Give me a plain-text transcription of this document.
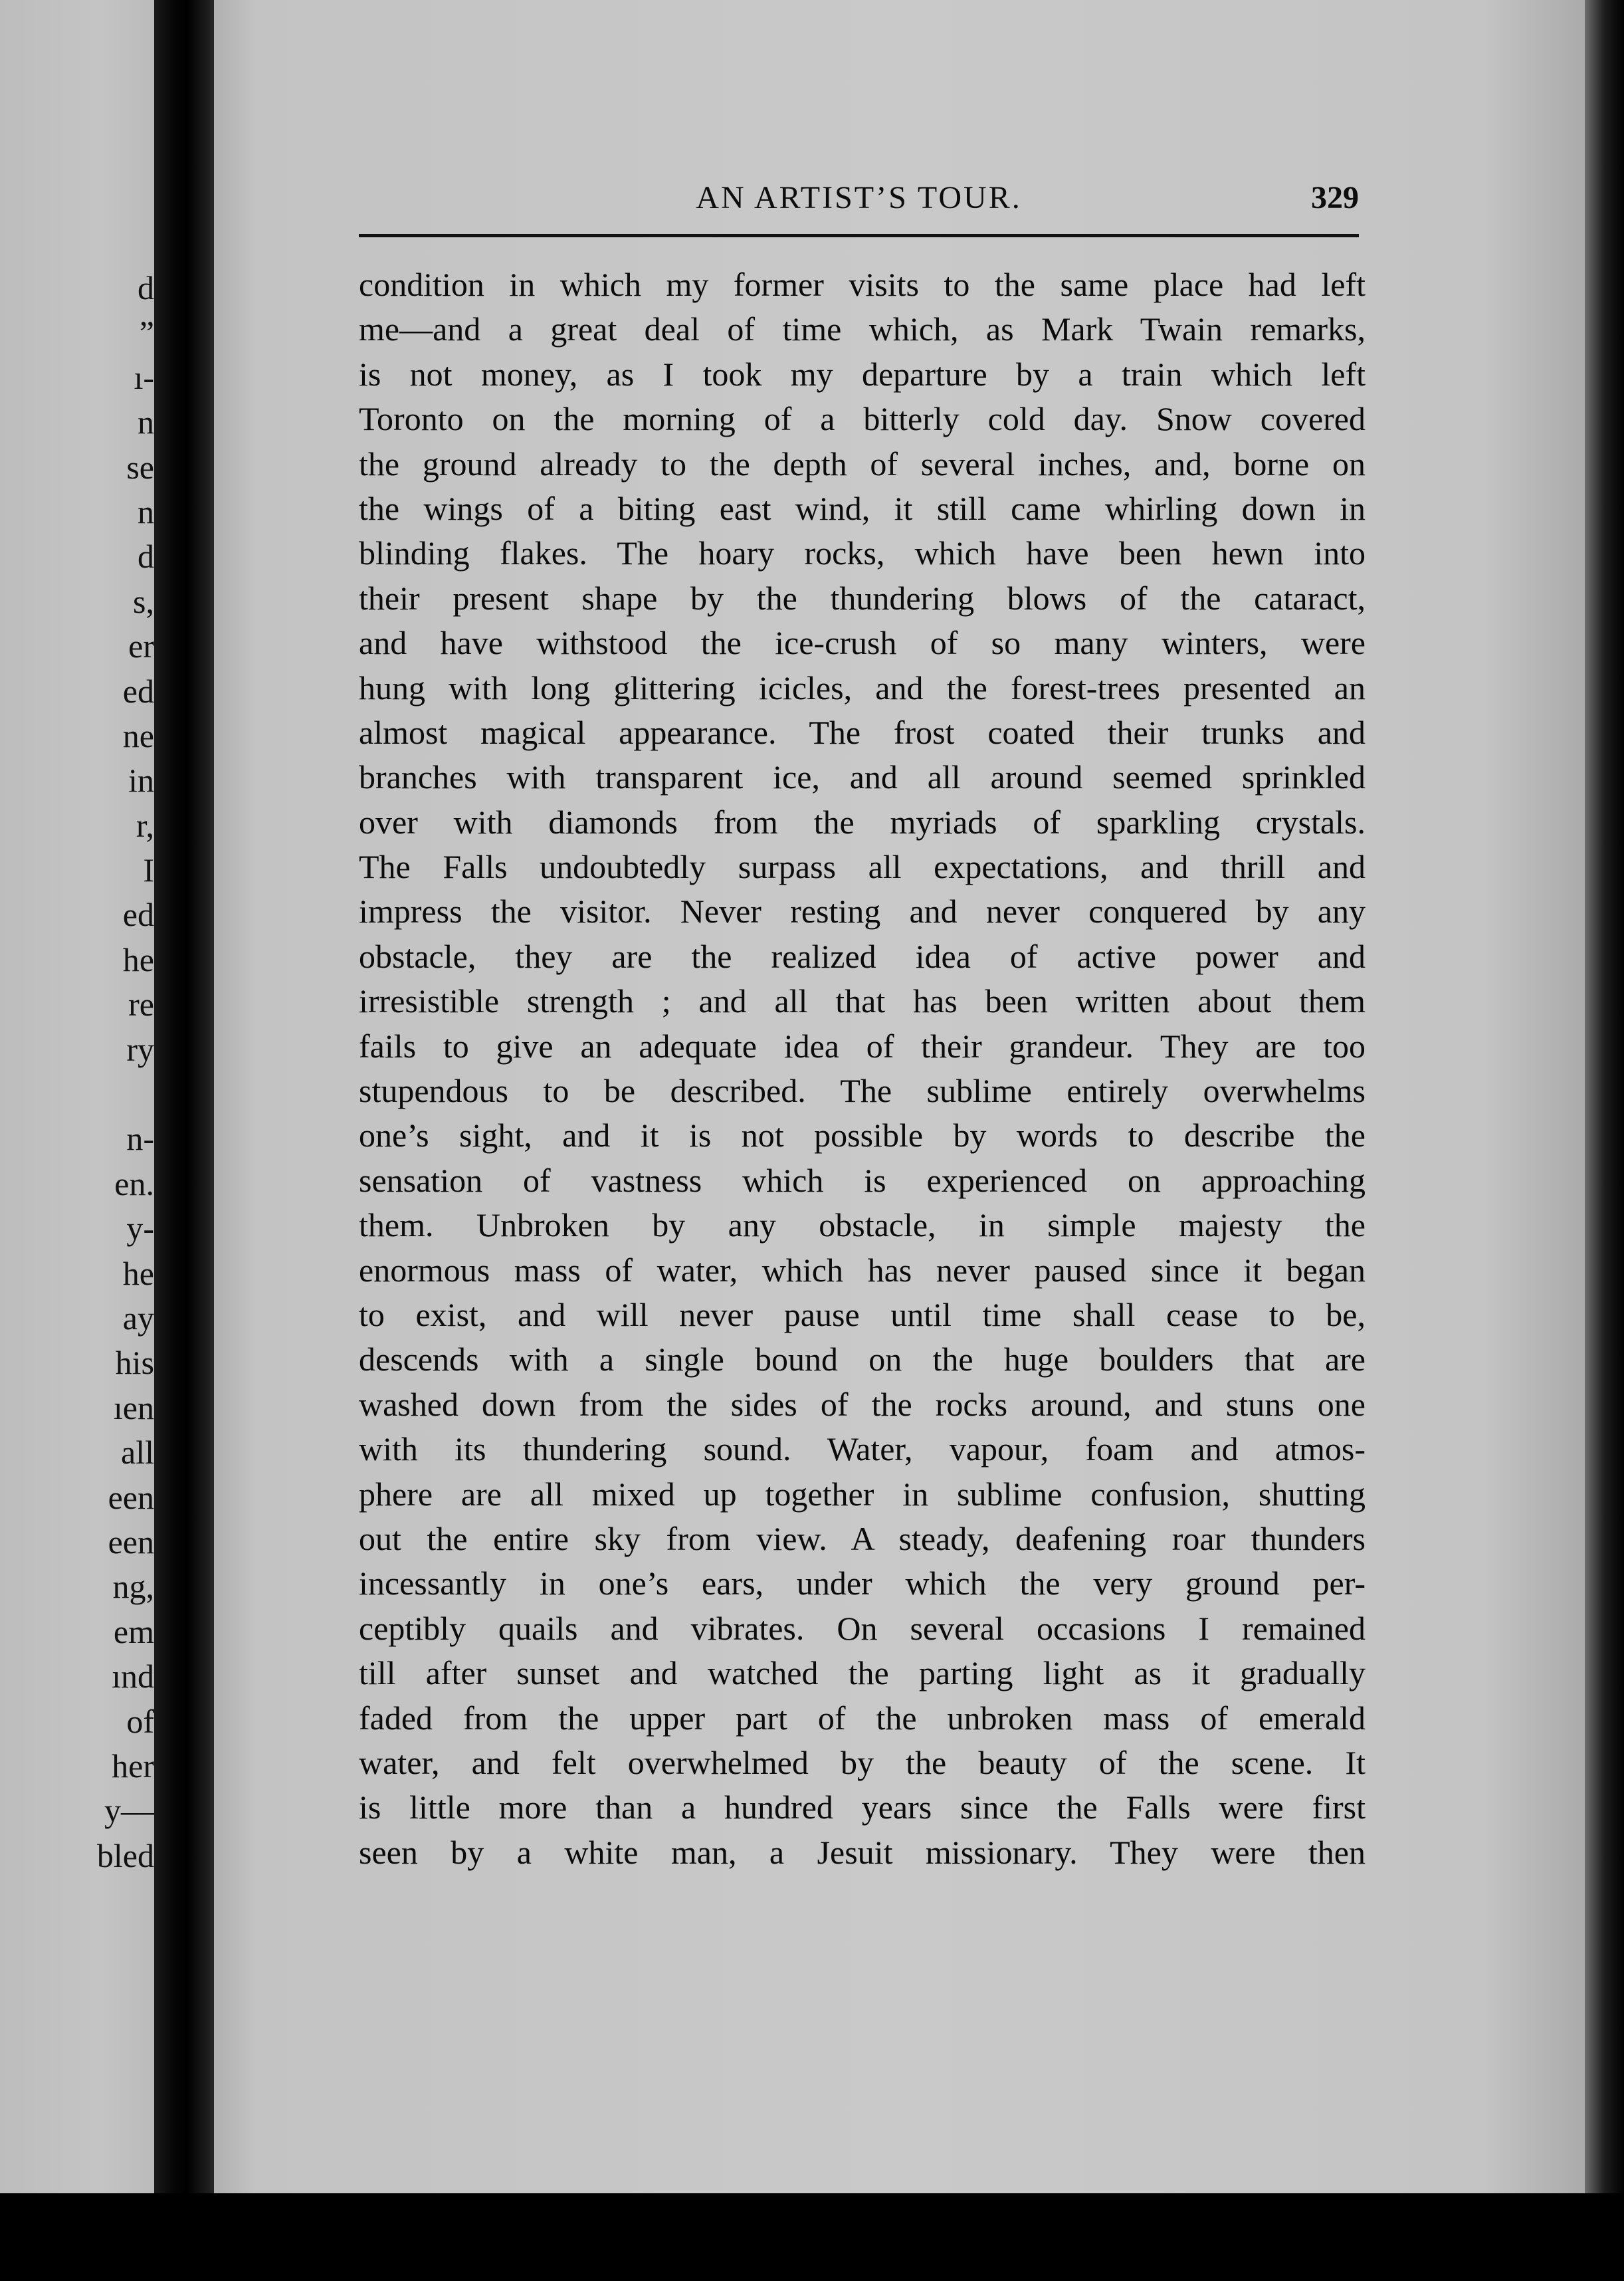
d
”
ı-
n
se
n
d
s,
er
ed
ne
in
r,
I
ed
he
re
ry
n-
en.
y-
he
ay
his
ıen
all
een
een
ng,
em
ınd
of
her
y—
bled
AN ARTIST’S TOUR.	329
condition in which my former visits to the same place had left
me—and a great deal of time which, as Mark Twain remarks,
is not money, as I took my departure by a train which left
Toronto on the morning of a bitterly cold day. Snow covered
the ground already to the depth of several inches, and, borne on
the wings of a biting east wind, it still came whirling down in
blinding flakes. The hoary rocks, which have been hewn into
their present shape by the thundering blows of the cataract,
and have withstood the ice-crush of so many winters, were
hung with long glittering icicles, and the forest-trees presented an
almost magical appearance. The frost coated their trunks and
branches with transparent ice, and all around seemed sprinkled
over with diamonds from the myriads of sparkling crystals.
The Falls undoubtedly surpass all expectations, and thrill and
impress the visitor. Never resting and never conquered by any
obstacle, they are the realized idea of active power and
irresistible strength ; and all that has been written about them
fails to give an adequate idea of their grandeur. They are too
stupendous to be described. The sublime entirely overwhelms
one’s sight, and it is not possible by words to describe the
sensation of vastness which is experienced on approaching
them. Unbroken by any obstacle, in simple majesty the
enormous mass of water, which has never paused since it began
to exist, and will never pause until time shall cease to be,
descends with a single bound on the huge boulders that are
washed down from the sides of the rocks around, and stuns one
with its thundering sound. Water, vapour, foam and atmos-
phere are all mixed up together in sublime confusion, shutting
out the entire sky from view. A steady, deafening roar thunders
incessantly in one’s ears, under which the very ground per-
ceptibly quails and vibrates. On several occasions I remained
till after sunset and watched the parting light as it gradually
faded from the upper part of the unbroken mass of emerald
water, and felt overwhelmed by the beauty of the scene. It
is little more than a hundred years since the Falls were first
seen by a white man, a Jesuit missionary. They were then
